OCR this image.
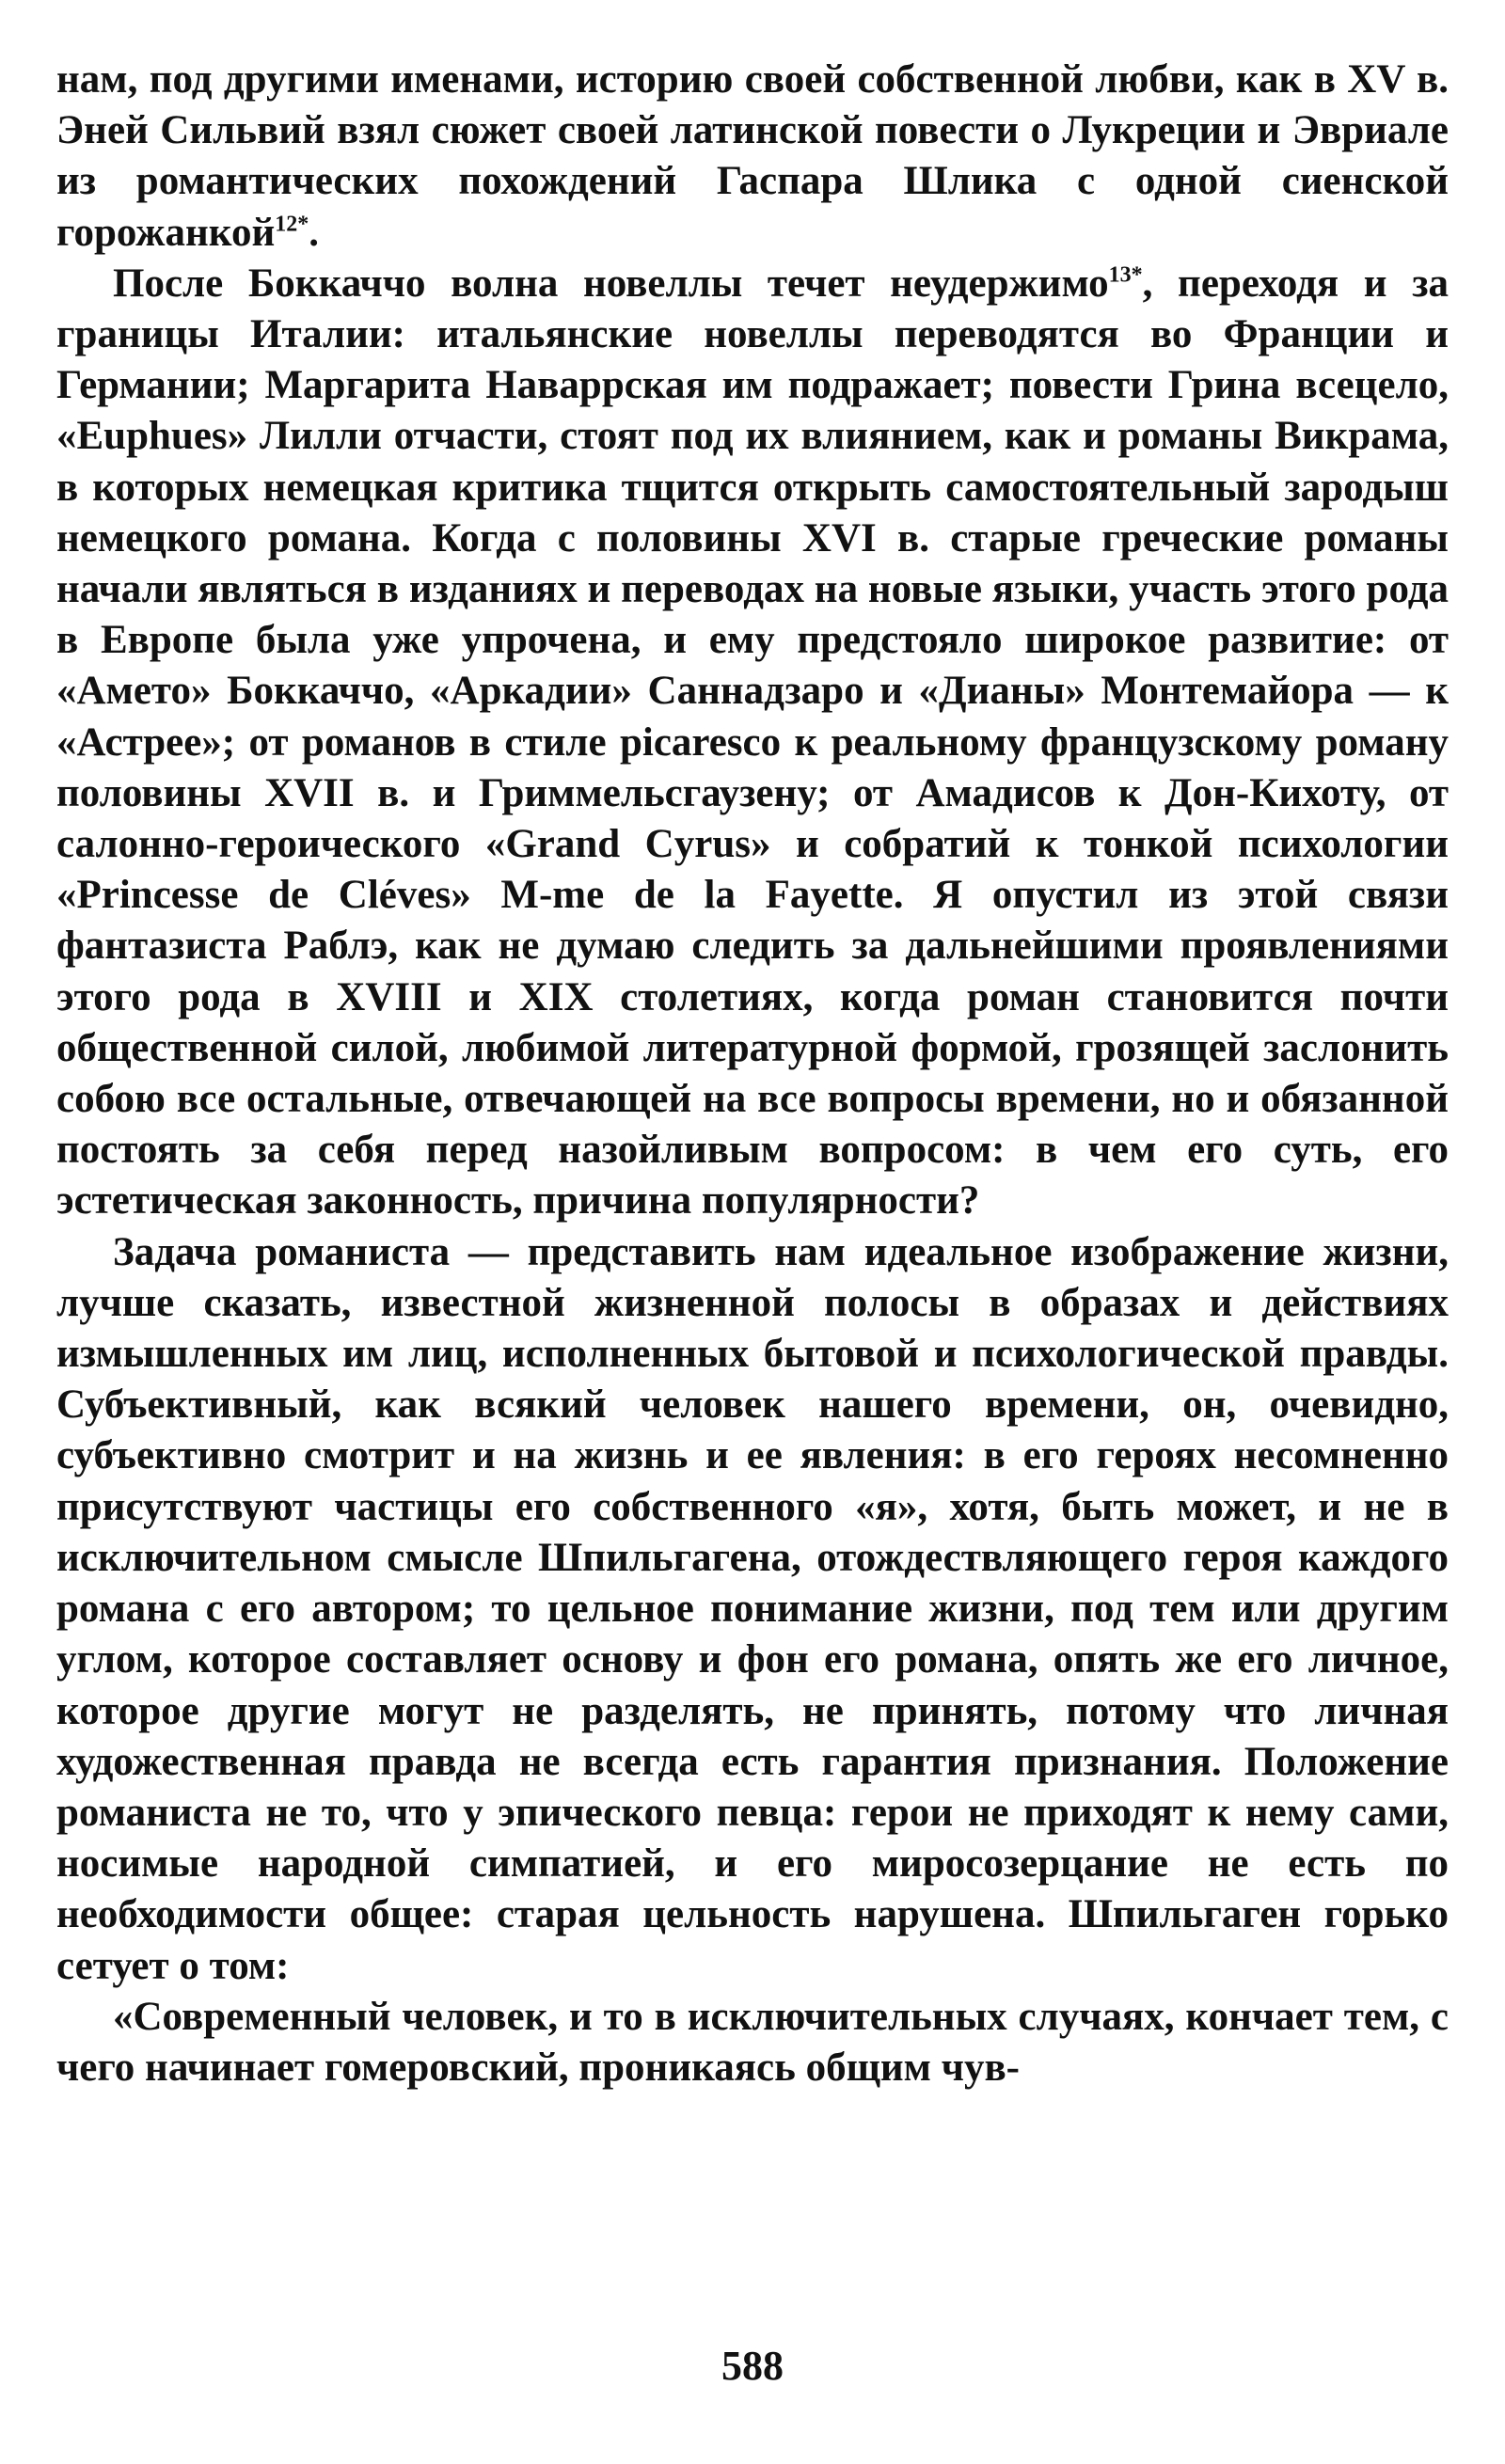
нам, под другими именами, историю своей собственной любви, как в XV в. Эней Сильвий взял сюжет своей латинской повести о Лукреции и Эвриале из романтических похождений Гаспара Шлика с одной сиенской горожанкой$^{12*}$.

После Боккаччо волна новеллы течет неудержимо$^{13*}$, переходя и за границы Италии: итальянские новеллы переводятся во Франции и Германии; Маргарита Наваррская им подражает; повести Грина всецело, «Euphues» Лилли отчасти, стоят под их влиянием, как и романы Викрама, в которых немецкая критика тщится открыть самостоятельный зародыш немецкого романа. Когда с половины XVI в. старые греческие романы начали являться в изданиях и переводах на новые языки, участь этого рода в Европе была уже упрочена, и ему предстояло широкое развитие: от «Амето» Боккаччо, «Аркадии» Саннадзаро и «Дианы» Монтемайора — к «Астрее»; от романов в стиле picaresco к реальному французскому роману половины XVII в. и Гриммельсгаузену; от Амадисов к Дон-Кихоту, от салонно-героического «Grand Cyrus» и собратий к тонкой психологии «Princesse de Cléves» M-me de la Fayette. Я опустил из этой связи фантазиста Раблэ, как не думаю следить за дальнейшими проявлениями этого рода в XVIII и XIX столетиях, когда роман становится почти общественной силой, любимой литературной формой, грозящей заслонить собою все остальные, отвечающей на все вопросы времени, но и обязанной постоять за себя перед назойливым вопросом: в чем его суть, его эстетическая законность, причина популярности?

Задача романиста — представить нам идеальное изображение жизни, лучше сказать, известной жизненной полосы в образах и действиях измышленных им лиц, исполненных бытовой и психологической правды. Субъективный, как всякий человек нашего времени, он, очевидно, субъективно смотрит и на жизнь и ее явления: в его героях несомненно присутствуют частицы его собственного «я», хотя, быть может, и не в исключительном смысле Шпильгагена, отождествляющего героя каждого романа с его автором; то цельное понимание жизни, под тем или другим углом, которое составляет основу и фон его романа, опять же его личное, которое другие могут не разделять, не принять, потому что личная художественная правда не всегда есть гарантия признания. Положение романиста не то, что у эпического певца: герои не приходят к нему сами, носимые народной симпатией, и его миросозерцание не есть по необходимости общее: старая цельность нарушена. Шпильгаген горько сетует о том:

«Современный человек, и то в исключительных случаях, кончает тем, с чего начинает гомеровский, проникаясь общим чув-

588
